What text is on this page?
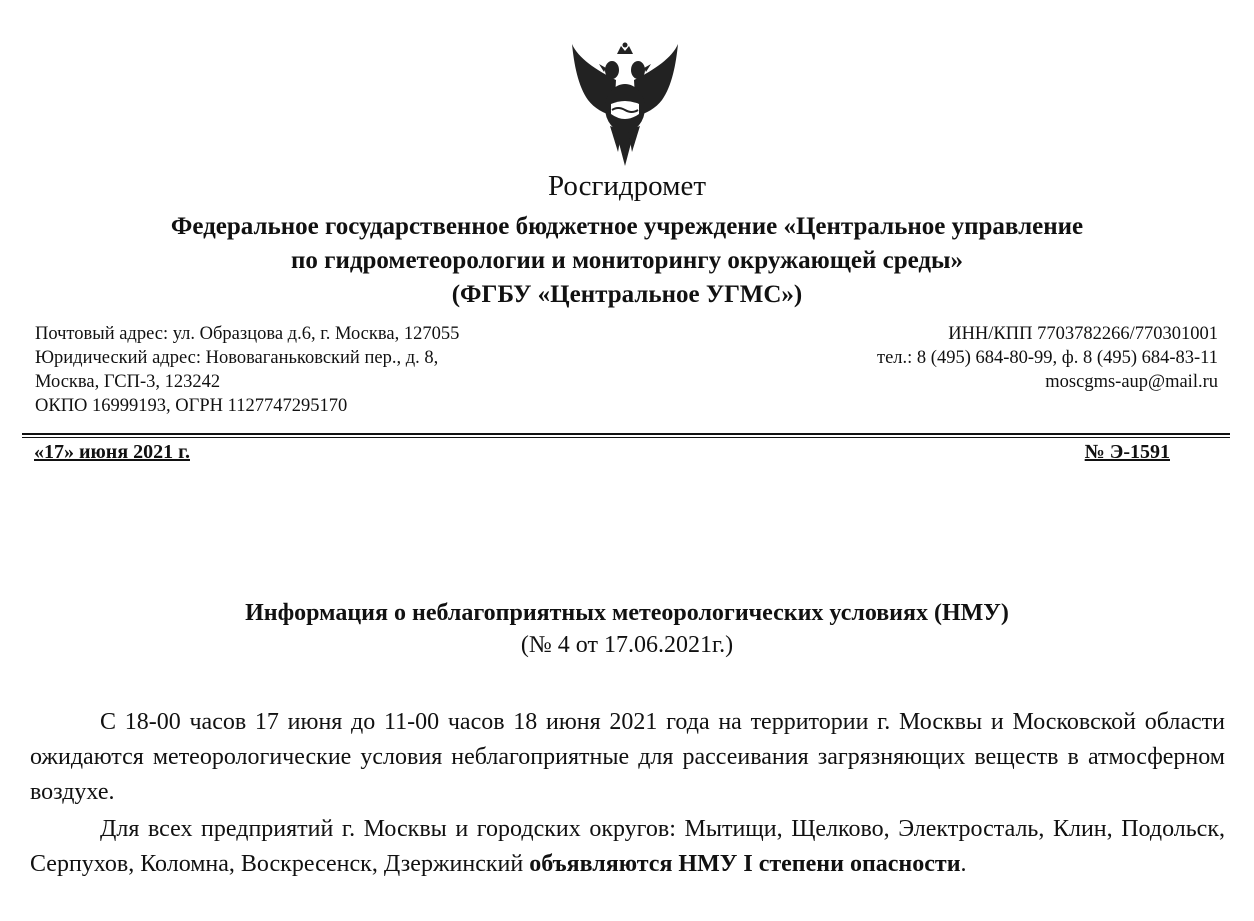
Росгидромет
Федеральное государственное бюджетное учреждение «Центральное управление
по гидрометеорологии и мониторингу окружающей среды»
(ФГБУ «Центральное УГМС»)
Почтовый адрес: ул. Образцова д.6, г. Москва, 127055
Юридический адрес: Нововаганьковский пер., д. 8,
Москва, ГСП-3, 123242
ОКПО 16999193, ОГРН 1127747295170
ИНН/КПП 7703782266/770301001
тел.: 8 (495) 684-80-99, ф. 8 (495) 684-83-11
moscgms-aup@mail.ru
«17» июня 2021 г.	№ Э-1591
Информация о неблагоприятных метеорологических условиях (НМУ)
(№ 4 от 17.06.2021г.)
С 18-00 часов 17 июня до 11-00 часов 18 июня 2021 года на территории г. Москвы и Московской области ожидаются метеорологические условия неблагоприятные для рассеивания загрязняющих веществ в атмосферном воздухе.
Для всех предприятий г. Москвы и городских округов: Мытищи, Щелково, Электросталь, Клин, Подольск, Серпухов, Коломна, Воскресенск, Дзержинский объявляются НМУ I степени опасности.
